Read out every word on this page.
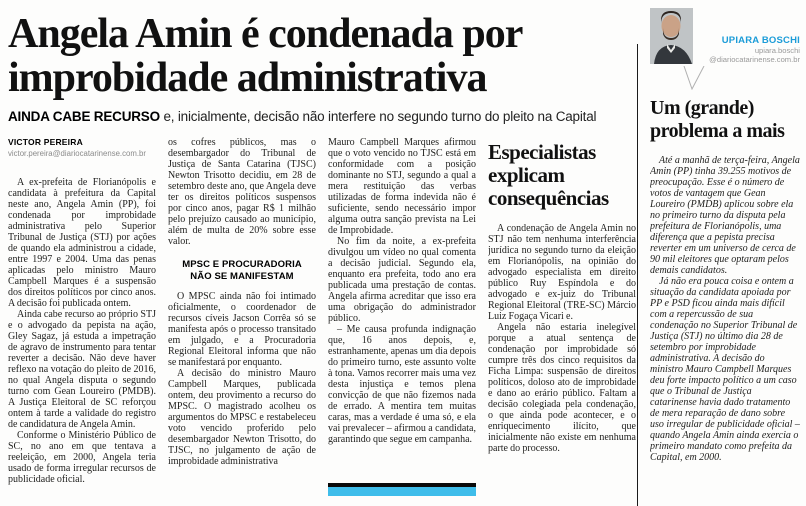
Angela Amin é condenada por improbidade administrativa
AINDA CABE RECURSO e, inicialmente, decisão não interfere no segundo turno do pleito na Capital
VICTOR PEREIRA
victor.pereira@diariocatarinense.com.br

A ex-prefeita de Florianópolis e candidata à prefeitura da Capital neste ano, Angela Amin (PP), foi condenada por improbidade administrativa pelo Superior Tribunal de Justiça (STJ) por ações de quando ela administrou a cidade, entre 1997 e 2004. Uma das penas aplicadas pelo ministro Mauro Campbell Marques é a suspensão dos direitos políticos por cinco anos. A decisão foi publicada ontem.

Ainda cabe recurso ao próprio STJ e o advogado da pepista na ação, Gley Sagaz, já estuda a impetração de agravo de instrumento para tentar reverter a decisão. Não deve haver reflexo na votação do pleito de 2016, no qual Angela disputa o segundo turno com Gean Loureiro (PMDB). A Justiça Eleitoral de SC reforçou ontem à tarde a validade do registro de candidatura de Angela Amin.

Conforme o Ministério Público de SC, no ano em que tentava a reeleição, em 2000, Angela teria usado de forma irregular recursos de publicidade oficial.

os cofres públicos, mas o desembargador do Tribunal de Justiça de Santa Catarina (TJSC) Newton Trisotto decidiu, em 28 de setembro deste ano, que Angela deve ter os direitos políticos suspensos por cinco anos, pagar R$ 1 milhão pelo prejuízo causado ao município, além de multa de 20% sobre esse valor.

MPSC E PROCURADORIA NÃO SE MANIFESTAM

O MPSC ainda não foi intimado oficialmente, o coordenador de recursos cíveis Jacson Corrêa só se manifesta após o processo transitado em julgado, e a Procuradoria Regional Eleitoral informa que não se manifestará por enquanto.

A decisão do ministro Mauro Campbell Marques, publicada ontem, deu provimento a recurso do MPSC. O magistrado acolheu os argumentos do MPSC e restabeleceu voto vencido proferido pelo desembargador Newton Trisotto, do TJSC, no julgamento de ação de improbidade administrativa

Mauro Campbell Marques afirmou que o voto vencido no TJSC está em conformidade com a posição dominante no STJ, segundo a qual a mera restituição das verbas utilizadas de forma indevida não é suficiente, sendo necessário impor alguma outra sanção prevista na Lei de Improbidade.

No fim da noite, a ex-prefeita divulgou um vídeo no qual comenta a decisão judicial. Segundo ela, enquanto era prefeita, todo ano era publicada uma prestação de contas. Angela afirma acreditar que isso era uma obrigação do administrador público.

– Me causa profunda indignação que, 16 anos depois, e, estranhamente, apenas um dia depois do primeiro turno, este assunto volte à tona. Vamos recorrer mais uma vez desta injustiça e temos plena convicção de que não fizemos nada de errado. A mentira tem muitas caras, mas a verdade é uma só, e ela vai prevalecer – afirmou a candidata, garantindo que segue em campanha.

Especialistas explicam consequências

A condenação de Angela Amin no STJ não tem nenhuma interferência jurídica no segundo turno da eleição em Florianópolis, na opinião do advogado especialista em direito público Ruy Espíndola e do advogado e ex-juiz do Tribunal Regional Eleitoral (TRE-SC) Márcio Luiz Fogaça Vicari e.

Angela não estaria inelegível porque a atual sentença de condenação por improbidade só cumpre três dos cinco requisitos da Ficha Limpa: suspensão de direitos políticos, doloso ato de improbidade e dano ao erário público. Faltam a decisão colegiada pela condenação, o que ainda pode acontecer, e o enriquecimento ilícito, que inicialmente não existe em nenhuma parte do processo.

UPIARA BOSCHI
upiara.boschi
@diariocatarinense.com.br
Um (grande) problema a mais

Até a manhã de terça-feira, Angela Amin (PP) tinha 39.255 motivos de preocupação. Esse é o número de votos de vantagem que Gean Loureiro (PMDB) aplicou sobre ela no primeiro turno da disputa pela prefeitura de Florianópolis, uma diferença que a pepista precisa reverter em um universo de cerca de 90 mil eleitores que optaram pelos demais candidatos.

Já não era pouca coisa e ontem a situação da candidata apoiada por PP e PSD ficou ainda mais difícil com a repercussão de sua condenação no Superior Tribunal de Justiça (STJ) no último dia 28 de setembro por improbidade administrativa. A decisão do ministro Mauro Campbell Marques deu forte impacto político a um caso que o Tribunal de Justiça catarinense havia dado tratamento de mera reparação de dano sobre uso irregular de publicidade oficial – quando Angela Amin ainda exercia o primeiro mandato como prefeita da Capital, em 2000.
